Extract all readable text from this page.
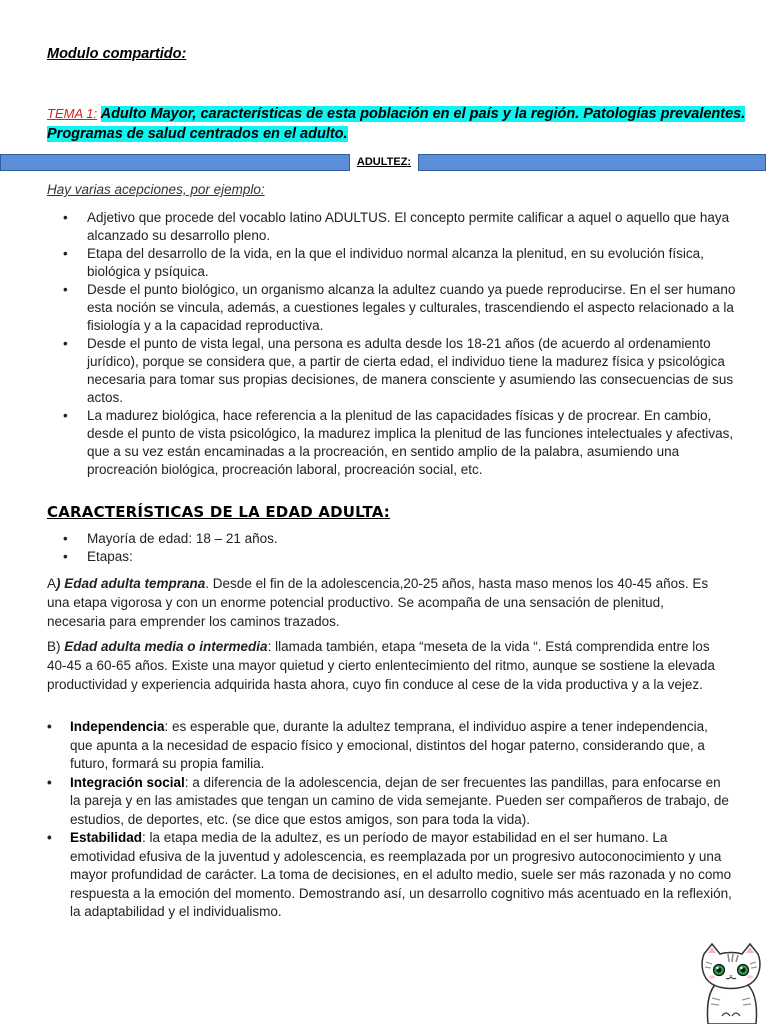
Modulo compartido:
TEMA 1: Adulto Mayor, características de esta población en el país y la región. Patologías prevalentes. Programas de salud centrados en el adulto.
ADULTEZ:
Hay varias acepciones, por ejemplo:
• Adjetivo que procede del vocablo latino ADULTUS. El concepto permite calificar a aquel o aquello que haya alcanzado su desarrollo pleno.
• Etapa del desarrollo de la vida, en la que el individuo normal alcanza la plenitud, en su evolución física, biológica y psíquica.
• Desde el punto biológico, un organismo alcanza la adultez cuando ya puede reproducirse. En el ser humano esta noción se vincula, además, a cuestiones legales y culturales, trascendiendo el aspecto relacionado a la fisiología y a la capacidad reproductiva.
• Desde el punto de vista legal, una persona es adulta desde los 18-21 años (de acuerdo al ordenamiento jurídico), porque se considera que, a partir de cierta edad, el individuo tiene la madurez física y psicológica necesaria para tomar sus propias decisiones, de manera consciente y asumiendo las consecuencias de sus actos.
• La madurez biológica, hace referencia a la plenitud de las capacidades físicas y de procrear. En cambio, desde el punto de vista psicológico, la madurez implica la plenitud de las funciones intelectuales y afectivas, que a su vez están encaminadas a la procreación, en sentido amplio de la palabra, asumiendo una procreación biológica, procreación laboral, procreación social, etc.
CARACTERÍSTICAS DE LA EDAD ADULTA:
• Mayoría de edad: 18 – 21 años.
• Etapas:
A) Edad adulta temprana. Desde el fin de la adolescencia,20-25 años, hasta maso menos los 40-45 años. Es una etapa vigorosa y con un enorme potencial productivo. Se acompaña de una sensación de plenitud, necesaria para emprender los caminos trazados.
B) Edad adulta media o intermedia: llamada también, etapa “meseta de la vida “. Está comprendida entre los 40-45 a 60-65 años. Existe una mayor quietud y cierto enlentecimiento del ritmo, aunque se sostiene la elevada productividad y experiencia adquirida hasta ahora, cuyo fin conduce al cese de la vida productiva y a la vejez.
• Independencia: es esperable que, durante la adultez temprana, el individuo aspire a tener independencia, que apunta a la necesidad de espacio físico y emocional, distintos del hogar paterno, considerando que, a futuro, formará su propia familia.
• Integración social: a diferencia de la adolescencia, dejan de ser frecuentes las pandillas, para enfocarse en la pareja y en las amistades que tengan un camino de vida semejante. Pueden ser compañeros de trabajo, de estudios, de deportes, etc. (se dice que estos amigos, son para toda la vida).
• Estabilidad: la etapa media de la adultez, es un período de mayor estabilidad en el ser humano. La emotividad efusiva de la juventud y adolescencia, es reemplazada por un progresivo autoconocimiento y una mayor profundidad de carácter. La toma de decisiones, en el adulto medio, suele ser más razonada y no como respuesta a la emoción del momento. Demostrando así, un desarrollo cognitivo más acentuado en la reflexión, la adaptabilidad y el individualismo.
